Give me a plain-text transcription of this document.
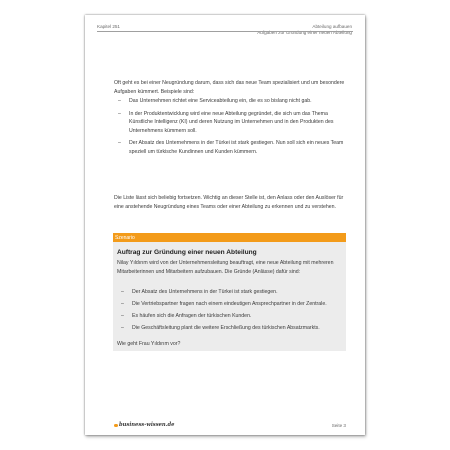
Kapitel 251	Abteilung aufbauen
Aufgaben zur Gründung einer neuen Abteilung
Oft geht es bei einer Neugründung darum, dass sich das neue Team spezialisiert und um besondere Aufgaben kümmert. Beispiele sind:
– Das Unternehmen richtet eine Serviceabteilung ein, die es so bislang nicht gab.
– In der Produktentwicklung wird eine neue Abteilung gegründet, die sich um das Thema Künstliche Intelligenz (KI) und deren Nutzung im Unternehmen und in den Produkten des Unternehmens kümmern soll.
– Der Absatz des Unternehmens in der Türkei ist stark gestiegen. Nun soll sich ein neues Team speziell um türkische Kundinnen und Kunden kümmern.
Die Liste lässt sich beliebig fortsetzen. Wichtig an dieser Stelle ist, den Anlass oder den Auslöser für eine anstehende Neugründung eines Teams oder einer Abteilung zu erkennen und zu verstehen.
Szenario
Auftrag zur Gründung einer neuen Abteilung
Nilay Yıldırım wird von der Unternehmensleitung beauftragt, eine neue Abteilung mit mehreren Mitarbeiterinnen und Mitarbeitern aufzubauen. Die Gründe (Anlässe) dafür sind:
– Der Absatz des Unternehmens in der Türkei ist stark gestiegen.
– Die Vertriebspartner fragen nach einem eindeutigen Ansprechpartner in der Zentrale.
– Es häufen sich die Anfragen der türkischen Kunden.
– Die Geschäftsleitung plant die weitere Erschließung des türkischen Absatzmarkts.
Wie geht Frau Yıldırım vor?
business-wissen.de	Seite 3
